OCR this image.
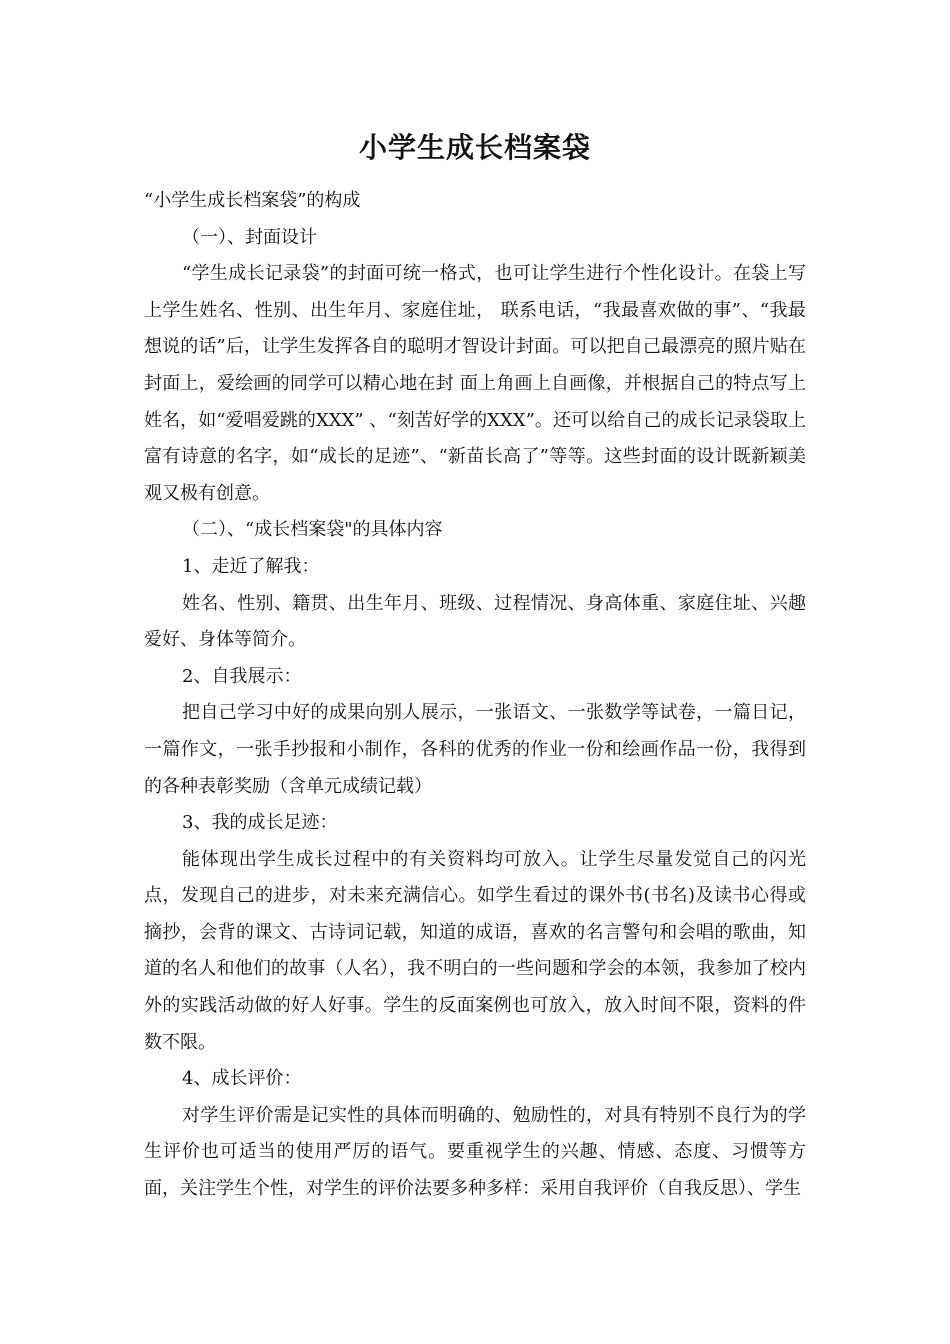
小学生成长档案袋

“小学生成长档案袋”的构成

（一）、封面设计

“学生成长记录袋”的封面可统一格式，也可让学生进行个性化设计。在袋上写上学生姓名、性别、出生年月、家庭住址， 联系电话，“我最喜欢做的事”、“我最想说的话”后，让学生发挥各自的聪明才智设计封面。可以把自己最漂亮的照片贴在封面上，爱绘画的同学可以精心地在封 面上角画上自画像，并根据自己的特点写上姓名，如“爱唱爱跳的XXX” 、“刻苦好学的XXX”。还可以给自己的成长记录袋取上富有诗意的名字，如“成长的足迹”、“新苗长高了”等等。这些封面的设计既新颖美观又极有创意。

（二）、“成长档案袋"的具体内容

1、走近了解我：

姓名、性别、籍贯、出生年月、班级、过程情况、身高体重、家庭住址、兴趣爱好、身体等简介。

2、自我展示：

把自己学习中好的成果向别人展示，一张语文、一张数学等试卷，一篇日记，一篇作文，一张手抄报和小制作，各科的优秀的作业一份和绘画作品一份，我得到的各种表彰奖励（含单元成绩记载）

3、我的成长足迹：

能体现出学生成长过程中的有关资料均可放入。让学生尽量发觉自己的闪光点，发现自己的进步，对未来充满信心。如学生看过的课外书(书名)及读书心得或摘抄，会背的课文、古诗词记载，知道的成语，喜欢的名言警句和会唱的歌曲，知道的名人和他们的故事（人名），我不明白的一些问题和学会的本领，我参加了校内外的实践活动做的好人好事。学生的反面案例也可放入，放入时间不限，资料的件数不限。

4、成长评价：

对学生评价需是记实性的具体而明确的、勉励性的，对具有特别不良行为的学生评价也可适当的使用严厉的语气。要重视学生的兴趣、情感、态度、习惯等方面，关注学生个性，对学生的评价法要多种多样：采用自我评价（自我反思）、学生
